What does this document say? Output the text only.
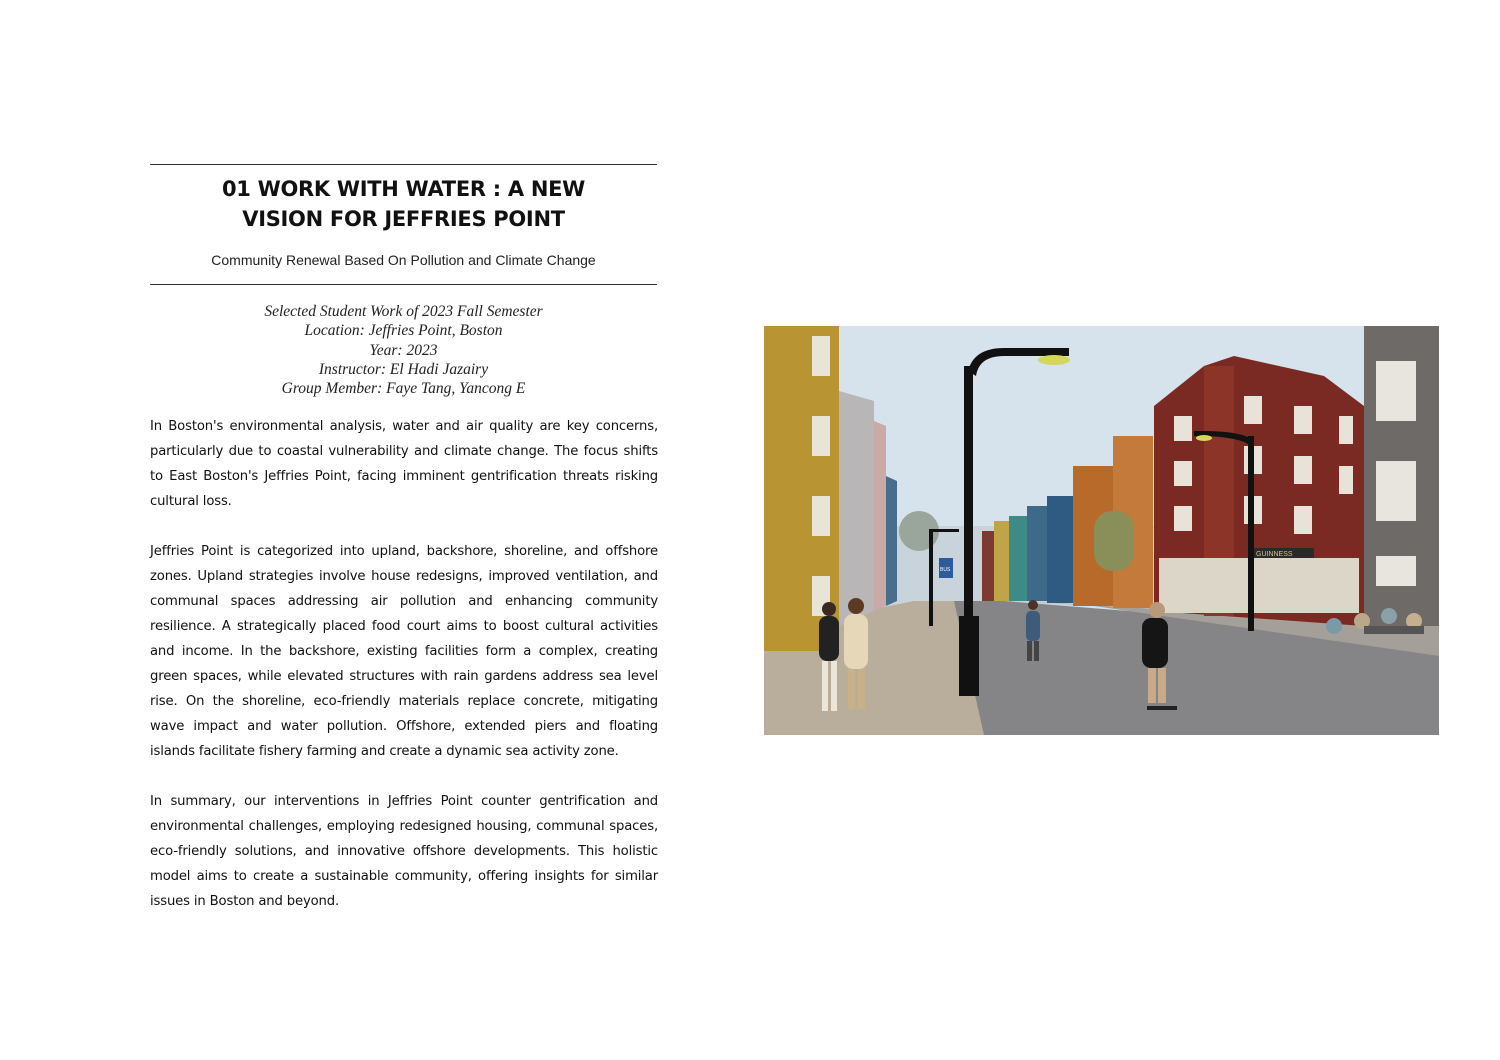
01 WORK WITH WATER : A NEW
VISION FOR JEFFRIES POINT
Community Renewal Based On Pollution and Climate Change
Selected Student Work of 2023 Fall Semester
Location: Jeffries Point, Boston
Year: 2023
Instructor: El Hadi Jazairy
Group Member: Faye Tang, Yancong E

In Boston's environmental analysis, water and air quality are key concerns, particularly due to coastal vulnerability and climate change. The focus shifts to East Boston's Jeffries Point, facing imminent gentrification threats risking cultural loss.

Jeffries Point is categorized into upland, backshore, shoreline, and offshore zones. Upland strategies involve house redesigns, improved ventilation, and communal spaces addressing air pollution and enhancing community resilience. A strategically placed food court aims to boost cultural activities and income. In the backshore, existing facilities form a complex, creating green spaces, while elevated structures with rain gardens address sea level rise. On the shoreline, eco-friendly materials replace concrete, mitigating wave impact and water pollution. Offshore, extended piers and floating islands facilitate fishery farming and create a dynamic sea activity zone.

In summary, our interventions in Jeffries Point counter gentrification and environmental challenges, employing redesigned housing, communal spaces, eco-friendly solutions, and innovative offshore developments. This holistic model aims to create a sustainable community, offering insights for similar issues in Boston and beyond.

GUINNESS
BUS
